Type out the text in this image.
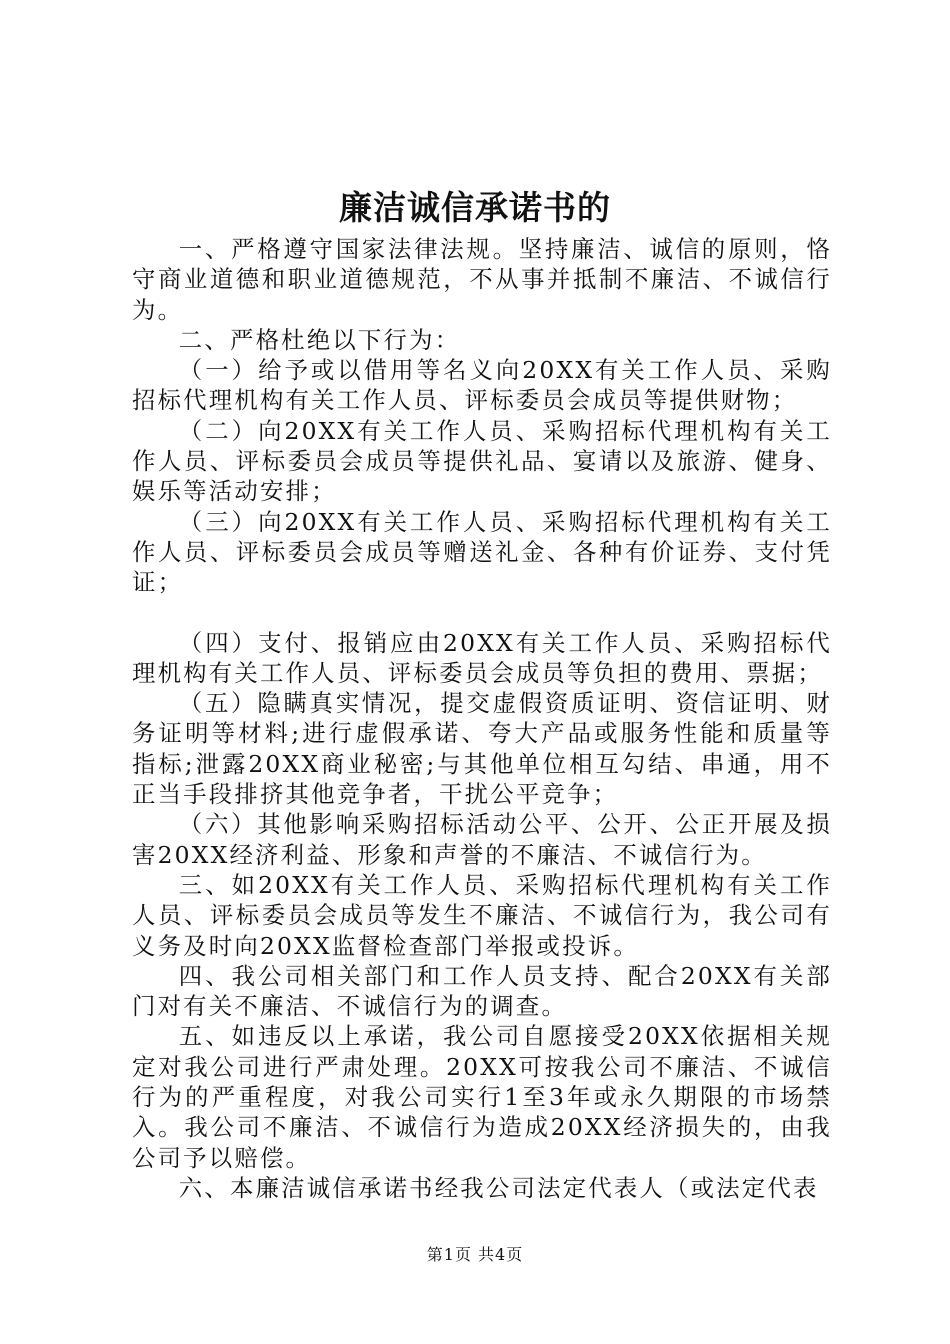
廉洁诚信承诺书的

一、严格遵守国家法律法规。坚持廉洁、诚信的原则，恪守商业道德和职业道德规范，不从事并抵制不廉洁、不诚信行为。

二、严格杜绝以下行为：

（一）给予或以借用等名义向20XX有关工作人员、采购招标代理机构有关工作人员、评标委员会成员等提供财物；

（二）向20XX有关工作人员、采购招标代理机构有关工作人员、评标委员会成员等提供礼品、宴请以及旅游、健身、娱乐等活动安排；

（三）向20XX有关工作人员、采购招标代理机构有关工作人员、评标委员会成员等赠送礼金、各种有价证券、支付凭证；

（四）支付、报销应由20XX有关工作人员、采购招标代理机构有关工作人员、评标委员会成员等负担的费用、票据；

（五）隐瞒真实情况，提交虚假资质证明、资信证明、财务证明等材料;进行虚假承诺、夸大产品或服务性能和质量等指标;泄露20XX商业秘密;与其他单位相互勾结、串通，用不正当手段排挤其他竞争者，干扰公平竞争；

（六）其他影响采购招标活动公平、公开、公正开展及损害20XX经济利益、形象和声誉的不廉洁、不诚信行为。

三、如20XX有关工作人员、采购招标代理机构有关工作人员、评标委员会成员等发生不廉洁、不诚信行为，我公司有义务及时向20XX监督检查部门举报或投诉。

四、我公司相关部门和工作人员支持、配合20XX有关部门对有关不廉洁、不诚信行为的调查。

五、如违反以上承诺，我公司自愿接受20XX依据相关规定对我公司进行严肃处理。20XX可按我公司不廉洁、不诚信行为的严重程度，对我公司实行1至3年或永久期限的市场禁入。我公司不廉洁、不诚信行为造成20XX经济损失的，由我公司予以赔偿。

六、本廉洁诚信承诺书经我公司法定代表人（或法定代表

第1页 共4页
